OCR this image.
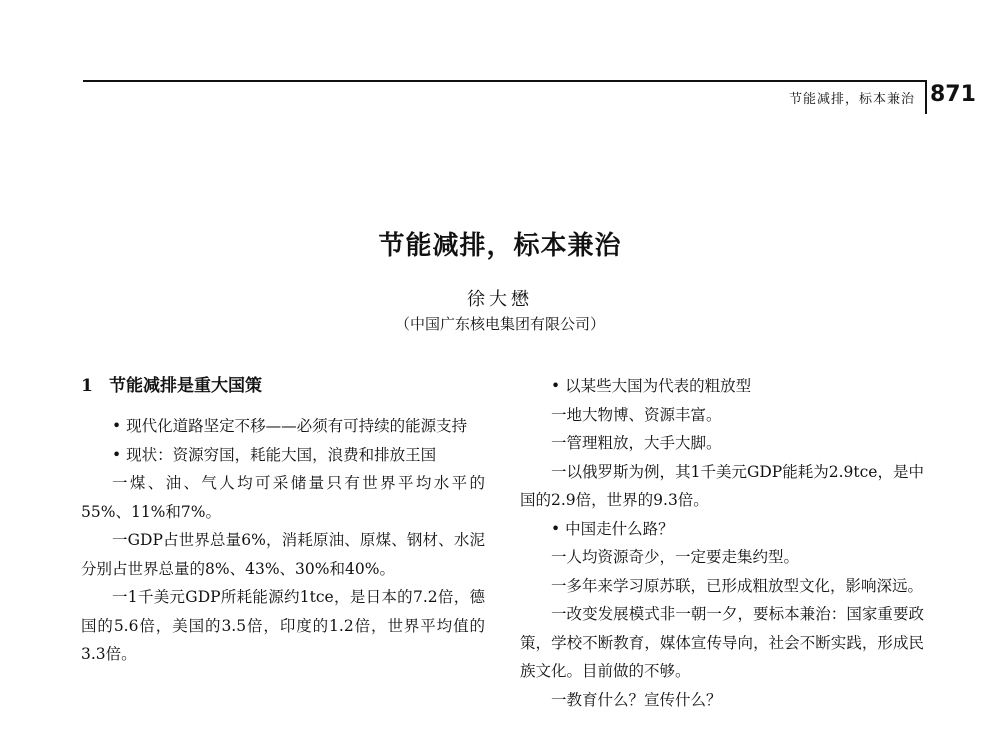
节能减排，标本兼治 871
节能减排，标本兼治
徐大懋
（中国广东核电集团有限公司）
1 节能减排是重大国策

• 现代化道路坚定不移——必须有可持续的能源支持

• 现状：资源穷国，耗能大国，浪费和排放王国

一煤、油、气人均可采储量只有世界平均水平的55%、11%和7%。

一GDP占世界总量6%，消耗原油、原煤、钢材、水泥分别占世界总量的8%、43%、30%和40%。

一1千美元GDP所耗能源约1tce，是日本的7.2倍，德国的5.6倍，美国的3.5倍，印度的1.2倍，世界平均值的3.3倍。

• 以某些大国为代表的粗放型

一地大物博、资源丰富。

一管理粗放，大手大脚。

一以俄罗斯为例，其1千美元GDP能耗为2.9tce，是中国的2.9倍，世界的9.3倍。

• 中国走什么路？

一人均资源奇少，一定要走集约型。

一多年来学习原苏联，已形成粗放型文化，影响深远。

一改变发展模式非一朝一夕，要标本兼治：国家重要政策，学校不断教育，媒体宣传导向，社会不断实践，形成民族文化。目前做的不够。

一教育什么？宣传什么？
